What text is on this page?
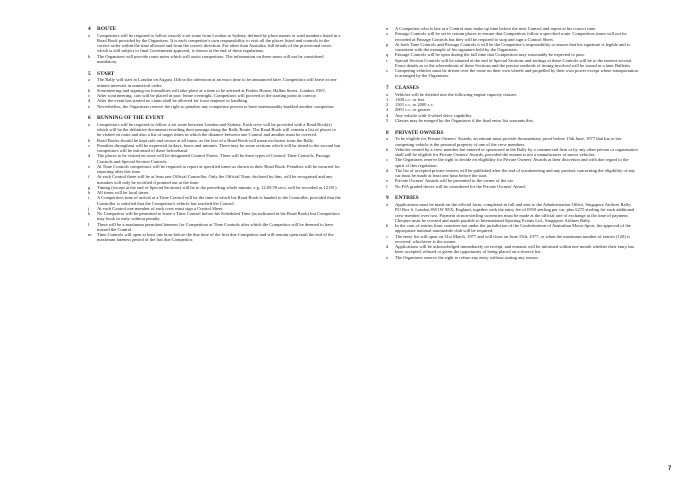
4	ROUTE
a	Competitors will be required to follow exactly a set route from London to Sydney, defined by place names or road numbers listed in a Road Book provided by the Organisers. It is each competitor's own responsibility to visit all the places listed and controls in the correct order within the time allowed and from the correct direction. For other than Australia, full details of the provisional route, which is still subject to final Government approval, is shown at the end of these regulations.
b	The Organisers will provide route notes which will assist competitors. The information on these notes will not be considered mandatory.
5	START
a	The Rally will start in London on August 14th in the afternoon at an exact time to be announced later. Competitors will leave at one minute intervals in numerical order.
b	Scrutineering and signing-on formalities will take place at a time to be advised at Forbes House, Halkin Street, London, SW1.
c	After scrutineering, cars will be placed in parc ferme overnight. Competitors will proceed to the starting point in convoy.
d	After the event has started no claim shall be allowed for force majeure or baulking.
e	Nevertheless, the Organisers reserve the right to penalise any competitor proven to have unreasonably baulked another competitor.
6	RUNNING OF THE EVENT
a	Competitors will be required to follow a set route between London and Sydney. Each crew will be provided with a Road Book(s) which will be the definitive document recording their passage along the Rally Route. The Road Book will contain a list of places to be visited en route and also a list of target times in which the distance between one Control and another must be covered.
b	Road Books should be kept safe and secure at all times, as the loss of a Road Book will mean exclusion from the Rally.
c	Penalties throughout will be expressed in days, hours and minutes. There may be some sections which will be timed to the second but competitors will be informed of these beforehand.
d	The places to be visited en route will be designated Control Points. There will be three types of Control: Time Controls, Passage Controls and Special Section Controls.
e	At Time Controls competitors will be required to report at specified times as shown in their Road Book. Penalties will be incurred for reporting after this time.
f	At each Control there will be at least one Official Controller. Only the Official Time, declared by him, will be recognised and any mistakes will only be rectified if pointed out at the time.
g	Timing (except at the end of Special Sections) will be to the preceding whole minute, e.g. 12.09.59 secs. will be recorded as 12.09 ).
h	All times will be local times.
i	A Competitors time of arrival at a Time Control will be the time at which his Road Book is handed to the Controller, provided that the Controller is satisfied that the Competitor's vehicle has reached the Control.
j	At each Control one member of each crew must sign a Control Sheet.
k	No Competitor will be permitted to leave a Time Control before his Scheduled Time (as indicated in his Road Book) but Competitors may book in early without penalty.
l	There will be a maximum permitted lateness for Competitors at Time Controls after which the Competitor will be deemed to have missed the Control.
m	Time Controls will open at least one hour before the due time of the first due Competitor and will remain open until the end of the maximum lateness period of the last due Competitor.
n	A Competitor who is late at a Control may make up time before the next Control and report at his correct time.
o	Passage Controls will be set in certain places to ensure that Competitors follow a specified route. Competitors times will not be recorded at Passage Controls but they will be required to stop and sign a Control Sheet.
p	At both Time Controls and Passage Controls it will be the Competitor's responsibility to ensure that his signature is legible and is consistent with the example of his signature held by the Organisers.
q	Passage Controls will be open during the full time that Competitors may reasonably be expected to pass.
r	Special Section Controls will be situated at the end of Special Sections and settings at these Controls will be to the nearest second. Exact details as to the whereabouts of these Sections and the precise methods of timing involved will be issued in a later Bulletin.
s	Competing vehicles must be driven over the route on their own wheels and propelled by their own power except where transportation is arranged by the Organisers.
7	CLASSES
a	Vehicles will be divided into the following engine capacity classes:
1	1300 c.c. or less
2	1301 c.c. to 2000 c.c.
3	2001 c.c. or greater
4	Any vehicle with 4-wheel drive capability
5	Classes may be merged by the Organisers if the final entry list warrants this.
8	PRIVATE OWNERS
a	To be eligible for Private Owners' Awards, an entrant must provide documentary proof before 15th June, 1977 that his or her competing vehicle is the personal property of one of the crew members.
b	Vehicles owned by a crew member but entered or sponsored in the Rally by a commercial firm or by any other person or organisation shall still be eligible for Private Owners' Awards, provided the entrant is not a manufacturer of motor vehicles.
c	The Organisers reserve the right to decide on eligibility for Private Owners' Awards at their discretion and with due regard to the spirit of this regulation.
d	The list of accepted private owners will be published after the end of scrutineering and any protests concerning the eligibility of any car must be made at least one hour before the start.
e	Private Owners' Awards will be presented to the owner of the car.
f	No FIA graded driver will be considered for the Private Owners' Award.
9	ENTRIES
a	Applications must be made on the official form, completed in full and sent to the Administration Office, Singapore Airlines Rally, PO Box 6, London SW1W 9EX, England, together with the entry fee of £950 sterling per car, plus £275 sterling for each additional crew member over two. Payment in non-sterling currencies must be made at the official rate of exchange at the time of payment. Cheques must be crossed and made payable to International Sporting Events Ltd., Singapore Airlines Rally.
b	In the case of entries from countries not under the jurisdiction of the Confederation of Australian Motor Sport, the approval of the appropriate national automobile club will be required.
c	The entry list will open on 31st March, 1977 and will close on June 15th, 1977, or when the maximum number of entries (120) is received, whichever is the sooner.
d	Applications will be acknowledged immediately on receipt, and entrants will be informed within one month whether their entry has been accepted, refused or given the opportunity of being placed on a reserve list.
e	The Organisers reserve the right to refuse any entry without stating any reason.
7
